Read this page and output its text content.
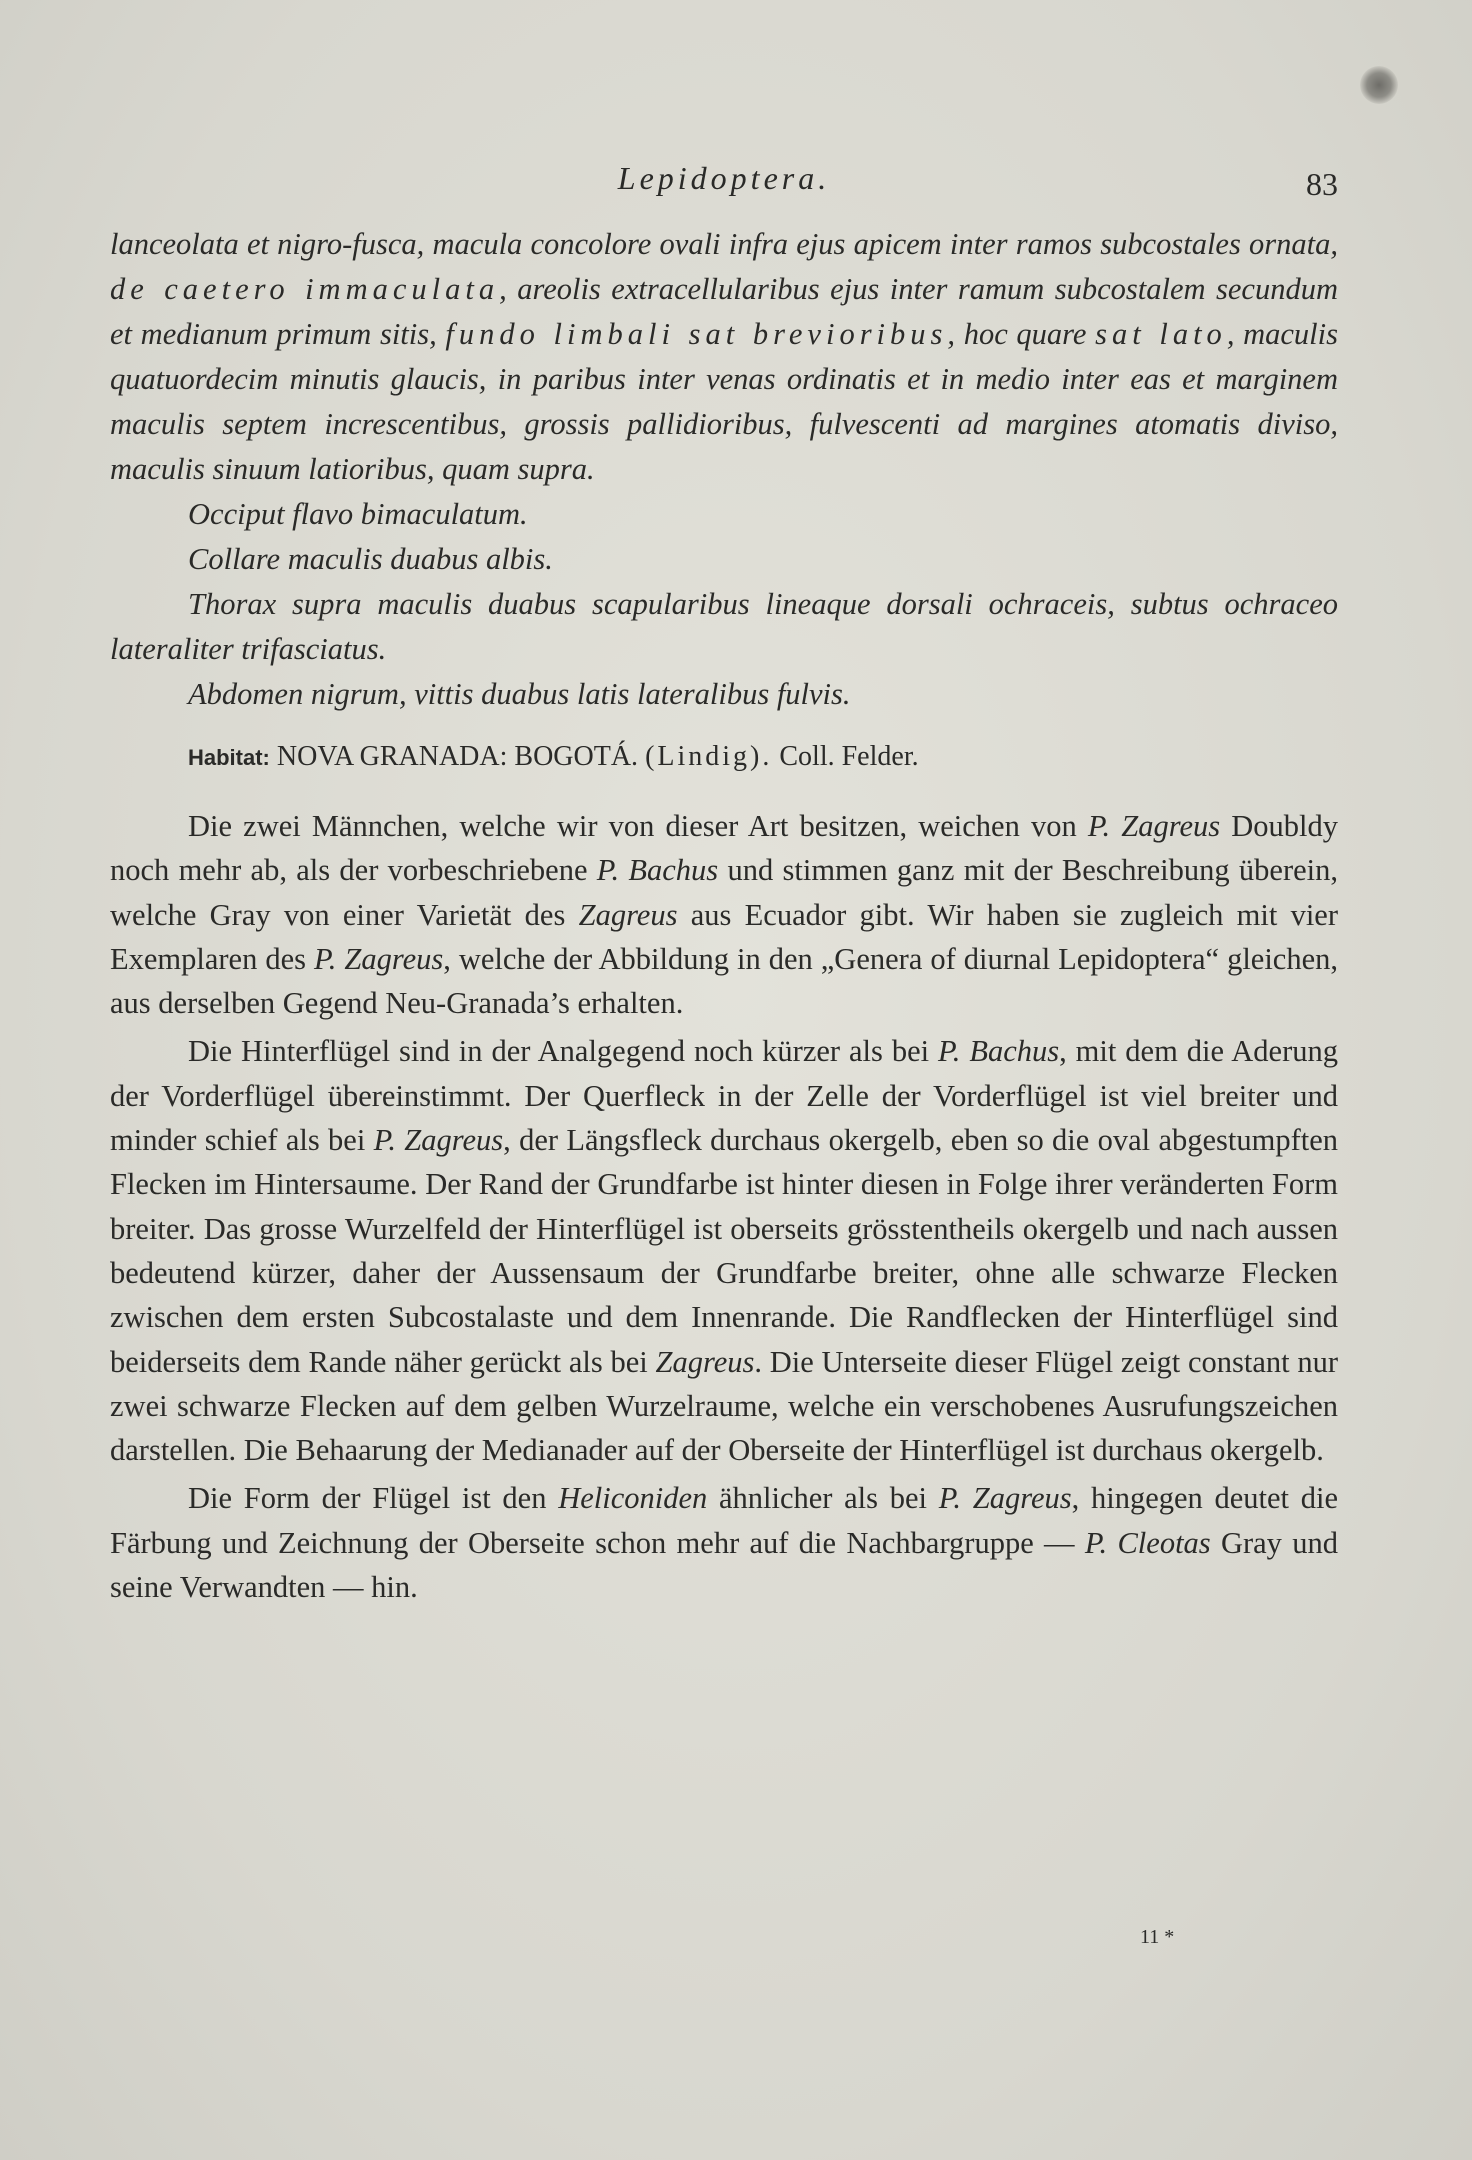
Lepidoptera.	83

lanceolata et nigro-fusca, macula concolore ovali infra ejus apicem inter ramos subcostales ornata, de caetero immaculata, areolis extracellularibus ejus inter ramum subcostalem secundum et medianum primum sitis, fundo limbali sat brevioribus, hoc quare sat lato, maculis quatuordecim minutis glaucis, in paribus inter venas ordinatis et in medio inter eas et marginem maculis septem increscentibus, grossis pallidioribus, fulvescenti ad margines atomatis diviso, maculis sinuum latioribus, quam supra.

Occiput flavo bimaculatum.

Collare maculis duabus albis.

Thorax supra maculis duabus scapularibus lineaque dorsali ochraceis, subtus ochraceo lateraliter trifasciatus.

Abdomen nigrum, vittis duabus latis lateralibus fulvis.

Habitat: NOVA GRANADA: BOGOTÁ. (Lindig). Coll. Felder.

Die zwei Männchen, welche wir von dieser Art besitzen, weichen von P. Zagreus Doubldy noch mehr ab, als der vorbeschriebene P. Bachus und stimmen ganz mit der Beschreibung überein, welche Gray von einer Varietät des Zagreus aus Ecuador gibt. Wir haben sie zugleich mit vier Exemplaren des P. Zagreus, welche der Abbildung in den „Genera of diurnal Lepidoptera“ gleichen, aus derselben Gegend Neu-Granada’s erhalten.

Die Hinterflügel sind in der Analgegend noch kürzer als bei P. Bachus, mit dem die Aderung der Vorderflügel übereinstimmt. Der Querfleck in der Zelle der Vorderflügel ist viel breiter und minder schief als bei P. Zagreus, der Längsfleck durchaus okergelb, eben so die oval abgestumpften Flecken im Hintersaume. Der Rand der Grundfarbe ist hinter diesen in Folge ihrer veränderten Form breiter. Das grosse Wurzelfeld der Hinterflügel ist oberseits grösstentheils okergelb und nach aussen bedeutend kürzer, daher der Aussensaum der Grundfarbe breiter, ohne alle schwarze Flecken zwischen dem ersten Subcostalaste und dem Innenrande. Die Randflecken der Hinterflügel sind beiderseits dem Rande näher gerückt als bei Zagreus. Die Unterseite dieser Flügel zeigt constant nur zwei schwarze Flecken auf dem gelben Wurzelraume, welche ein verschobenes Ausrufungszeichen darstellen. Die Behaarung der Medianader auf der Oberseite der Hinterflügel ist durchaus okergelb.

Die Form der Flügel ist den Heliconiden ähnlicher als bei P. Zagreus, hingegen deutet die Färbung und Zeichnung der Oberseite schon mehr auf die Nachbargruppe — P. Cleotas Gray und seine Verwandten — hin.

11 *
